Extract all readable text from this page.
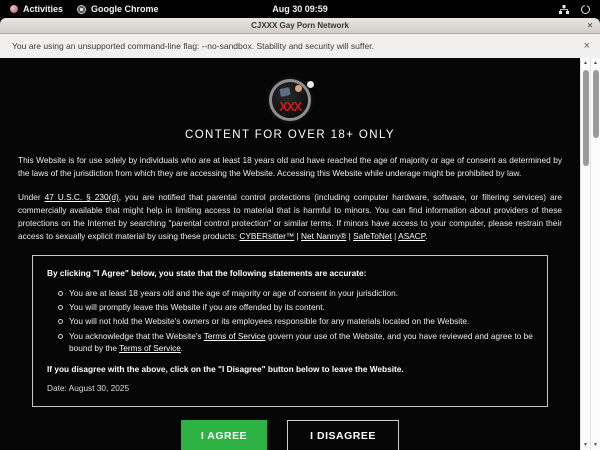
Activities	Google Chrome	Aug 30 09:59
CJXXX Gay Porn Network	×
You are using an unsupported command-line flag: --no-sandbox. Stability and security will suffer.	×
XXX
CONTENT FOR OVER 18+ ONLY

This Website is for use solely by individuals who are at least 18 years old and have reached the age of majority or age of consent as determined by the laws of the jurisdiction from which they are accessing the Website. Accessing this Website while underage might be prohibited by law.

Under 47 U.S.C. § 230(d), you are notified that parental control protections (including computer hardware, software, or filtering services) are commercially available that might help in limiting access to material that is harmful to minors. You can find information about providers of these protections on the Internet by searching "parental control protection" or similar terms. If minors have access to your computer, please restrain their access to sexually explicit material by using these products: CYBERsitter™ | Net Nanny® | SafeToNet | ASACP.

By clicking "I Agree" below, you state that the following statements are accurate:
You are at least 18 years old and the age of majority or age of consent in your jurisdiction.
You will promptly leave this Website if you are offended by its content.
You will not hold the Website's owners or its employees responsible for any materials located on the Website.
You acknowledge that the Website's Terms of Service govern your use of the Website, and you have reviewed and agree to be bound by the Terms of Service.
If you disagree with the above, click on the "I Disagree" button below to leave the Website.
Date: August 30, 2025
I AGREE	I DISAGREE
▲
▼
▲
▼
